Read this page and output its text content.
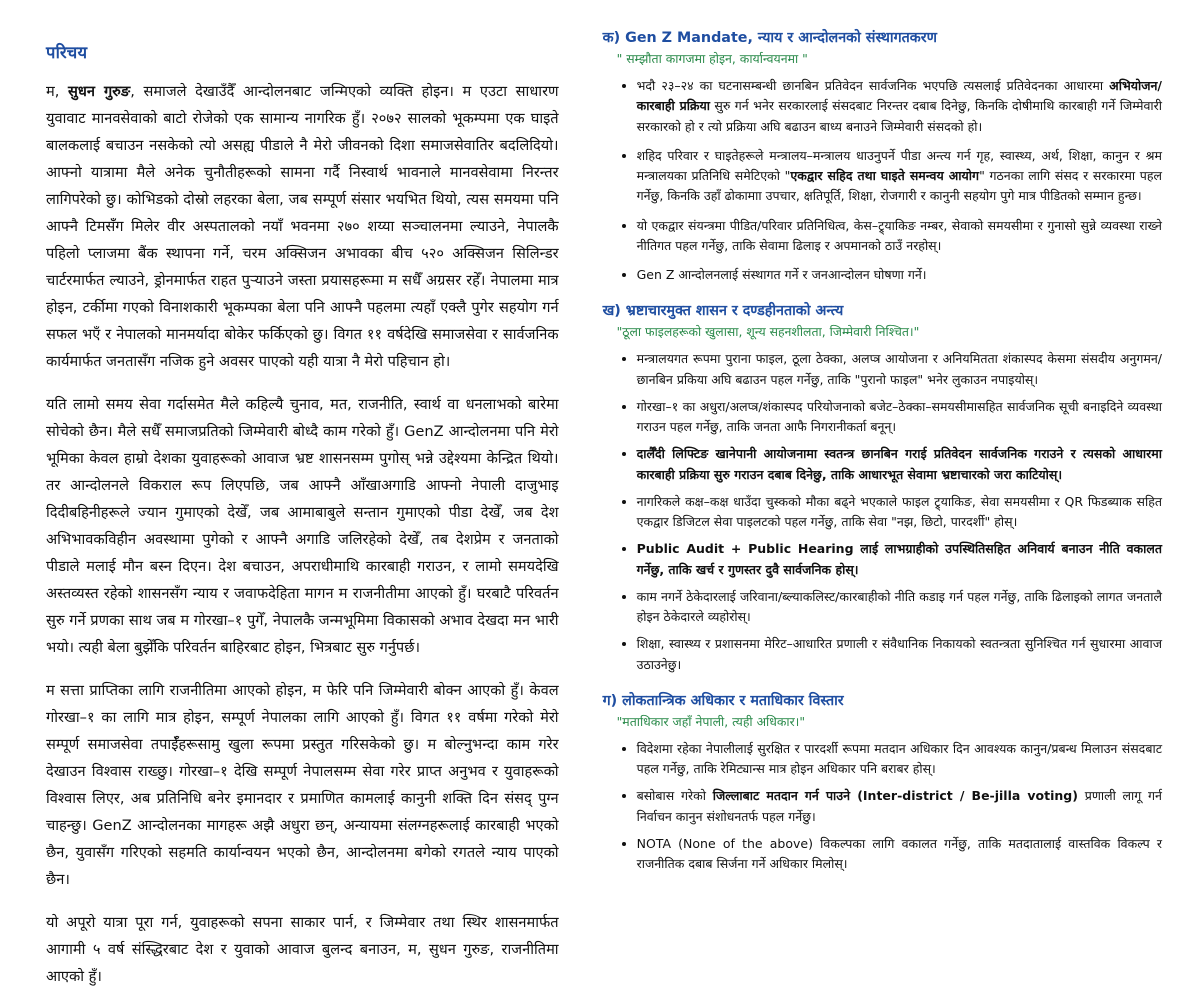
परिचय

म, सुधन गुरुङ, समाजले देखाउँदैँ आन्दोलनबाट जन्मिएको व्यक्ति होइन। म एउटा साधारण युवावाट मानवसेवाको बाटो रोजेको एक सामान्य नागरिक हुँ। २०७२ सालको भूकम्पमा एक घाइते बालकलाई बचाउन नसकेको त्यो असह्य पीडाले नै मेरो जीवनको दिशा समाजसेवातिर बदलिदियो।आफ्नो यात्रामा मैले अनेक चुनौतीहरूको सामना गर्दै निस्वार्थ भावनाले मानवसेवामा निरन्तर लागिपरेको छु। कोभिडको दोस्रो लहरका बेला, जब सम्पूर्ण संसार भयभित थियो, त्यस समयमा पनि आफ्नै टिमसँँग मिलेर वीर अस्पतालको नयाँ भवनमा २७० शय्या सञ्चालनमा ल्याउने, नेपालकै पहिलो प्लाजमा बैंक स्थापना गर्ने, चरम अक्सिजन अभावका बीच ५२० अक्सिजन सिलिन्डर चार्टरमार्फत ल्याउने, ड्रोनमार्फत राहत पुर्‍याउने जस्ता प्रयासहरूमा म सधैँ अग्रसर रहेँ। नेपालमा मात्र होइन, टर्कीमा गएको विनाशकारी भूकम्पका बेला पनि आफ्नै पहलमा त्यहाँ एक्लै पुगेर सहयोग गर्न सफल भएँ र नेपालको मानमर्यादा बोकेर फर्किएको छु। विगत ११ वर्षदेखि समाजसेवा र सार्वजनिक कार्यमार्फत जनतासँग नजिक हुने अवसर पाएको यही यात्रा नै मेरो पहिचान हो।

यति लामो समय सेवा गर्दासमेत मैले कहिल्यै चुनाव, मत, राजनीति, स्वार्थ वा धनलाभको बारेमा सोचेको छैन। मैले सधैँ समाजप्रतिको जिम्मेवारी बोध्दै काम गरेको हुँ। GenZ आन्दोलनमा पनि मेरो भूमिका केवल हाम्रो देशका युवाहरूको आवाज भ्रष्ट शासनसम्म पुगोस् भन्ने उद्देश्यमा केन्द्रित थियो। तर आन्दोलनले विकराल रूप लिएपछि, जब आफ्नै आँखाअगाडि आफ्नो नेपाली दाजुभाइ दिदीबहिनीहरूले ज्यान गुमाएको देखेँ, जब आमाबाबुले सन्तान गुमाएको पीडा देखेँ, जब देश अभिभावकविहीन अवस्थामा पुगेको र आफ्नै अगाडि जलिरहेको देखेँ, तब देशप्रेम र जनताको पीडाले मलाई मौन बस्न दिएन। देश बचाउन, अपराधीमाथि कारबाही गराउन, र लामो समयदेखि अस्तव्यस्त रहेको शासनसँग न्याय र जवाफदेहिता मागन म राजनीतीमा आएको हुँ। घरबाटै परिवर्तन सुरु गर्ने प्रणका साथ जब म गोरखा–१ पुगेँ, नेपालकै जन्मभूमिमा विकासको अभाव देखदा मन भारी भयो। त्यही बेला बुझेँकि परिवर्तन बाहिरबाट होइन, भित्रबाट सुरु गर्नुपर्छ।

म सत्ता प्राप्तिका लागि राजनीतिमा आएको होइन, म फेरि पनि जिम्मेवारी बोक्न आएको हुँ। केवल गोरखा–१ का लागि मात्र होइन, सम्पूर्ण नेपालका लागि आएको हुँ। विगत ११ वर्षमा गरेको मेरो सम्पूर्ण समाजसेवा तपाईँहरूसामु खुला रूपमा प्रस्तुत गरिसकेको छु। म बोल्नुभन्दा काम गरेर देखाउन विश्वास राख्छु। गोरखा–१ देखि सम्पूर्ण नेपालसम्म सेवा गरेर प्राप्त अनुभव र युवाहरूको विश्वास लिएर, अब प्रतिनिधि बनेर इमानदार र प्रमाणित कामलाई कानुनी शक्ति दिन संसद् पुग्न चाहन्छु। GenZ आन्दोलनका मागहरू अझै अधुरा छन्, अन्यायमा संलग्नहरूलाई कारबाही भएको छैन, युवासँग गरिएको सहमति कार्यान्वयन भएको छैन, आन्दोलनमा बगेको रगतले न्याय पाएको छैन।

यो अपूरो यात्रा पूरा गर्न, युवाहरूको सपना साकार पार्न, र जिम्मेवार तथा स्थिर शासनमार्फत आगामी ५ वर्ष संस्द्धिरबाट देश र युवाको आवाज बुलन्द बनाउन, म, सुधन गुरुङ, राजनीतिमा आएको हुँ।

क) Gen Z Mandate, न्याय र आन्दोलनको संस्थागतकरण
" सम्झौता कागजमा होइन, कार्यान्वयनमा "
• भदौ २३–२४ का घटनासम्बन्धी छानबिन प्रतिवेदन सार्वजनिक भएपछि त्यसलाई प्रतिवेदनका आधारमा अभियोजन/कारबाही प्रक्रिया सुरु गर्न भनेर सरकारलाई संसदबाट निरन्तर दबाब दिनेछु, किनकि दोषीमाथि कारबाही गर्ने जिम्मेवारी सरकारको हो र त्यो प्रक्रिया अघि बढाउन बाध्य बनाउने जिम्मेवारी संसदको हो।
• शहिद परिवार र घाइतेहरूले मन्त्रालय–मन्त्रालय धाउनुपर्ने पीडा अन्त्य गर्न गृह, स्वास्थ्य, अर्थ, शिक्षा, कानुन र श्रम मन्त्रालयका प्रतिनिधि समेटिएको "एकद्वार सहिद तथा घाइते समन्वय आयोग" गठनका लागि संसद र सरकारमा पहल गर्नेछु, किनकि उहाँ ढोकामाा उपचार, क्षतिपूर्ति, शिक्षा, रोजगारी र कानुनी सहयोग पुगे मात्र पीडितको सम्मान हुन्छ।
• यो एकद्वार संयन्त्रमा पीडित/परिवार प्रतिनिधित्व, केस–ट्र्याकिङ नम्बर, सेवाको समयसीमा र गुनासो सुन्ने व्यवस्था राख्ने नीतिगत पहल गर्नेछु, ताकि सेवामा ढिलाइ र अपमानको ठाउँ नरहोस्।
• Gen Z आन्दोलनलाई संस्थागत गर्ने र जनआन्दोलन घोषणा गर्ने।
ख) भ्रष्टाचारमुक्त शासन र दण्डहीनताको अन्त्य
"ठूला फाइलहरूको खुलासा, शून्य सहनशीलता, जिम्मेवारी निश्चित।"
• मन्त्रालयगत रूपमा पुराना फाइल, ठूला ठेक्का, अलप्त्र आयोजना र अनियमितता शंकास्पद केसमा संसदीय अनुगमन/छानबिन प्रकिया अघि बढाउन पहल गर्नेछु, ताकि "पुरानो फाइल" भनेर लुकाउन नपाइयोस्।
• गोरखा–१ का अधुरा/अलप्त्र/शंकास्पद परियोजनाको बजेट–ठेक्का–समयसीमासहित सार्वजनिक सूची बनाइदिने व्यवस्था गराउन पहल गर्नेछु, ताकि जनता आफै निगरानीकर्ता बनून्।
• दार्लैँदी लिफ्टिङ खानेपानी आयोजनामा स्वतन्त्र छानबिन गराई प्रतिवेदन सार्वजनिक गराउने र त्यसको आधारमा कारबाही प्रक्रिया सुरु गराउन दबाब दिनेछु, ताकि आधारभूत सेवामा भ्रष्टाचारको जरा काटियोस्।
• नागरिकले कक्ष–कक्ष धाउँदा चुस्कको मौका बढ्ने भएकाले फाइल ट्र्याकिङ, सेवा समयसीमा र QR फिडब्याक सहित एकद्वार डिजिटल सेवा पाइलटको पहल गर्नेछु, ताकि सेवा "नझ, छिटो, पारदर्शी" होस्।
• Public Audit + Public Hearing लाई लाभग्राहीको उपस्थितिसहित अनिवार्य बनाउन नीति वकालत गर्नेछु, ताकि खर्च र गुणस्तर दुवै सार्वजनिक होस्।
• काम नगर्ने ठेकेदारलाई जरिवाना/ब्ल्याकलिस्ट/कारबाहीको नीति कडाइ गर्न पहल गर्नेछु, ताकि ढिलाइको लागत जनतालै होइन ठेकेदारले व्यहोरोस्।
• शिक्षा, स्वास्थ्य र प्रशासनमा मेरिट–आधारित प्रणाली र संवैधानिक निकायको स्वतन्त्रता सुनिश्चित गर्न सुधारमा आवाज उठाउनेछु।
ग) लोकतान्त्रिक अधिकार र मताधिकार विस्तार
"मताधिकार जहाँ नेपाली, त्यही अधिकार।"
• विदेशमा रहेका नेपालीलाई सुरक्षित र पारदर्शी रूपमा मतदान अधिकार दिन आवश्यक कानुन/प्रबन्ध मिलाउन संसदबाट पहल गर्नेछु, ताकि रेमिट्यान्स मात्र होइन अधिकार पनि बराबर होस्।
• बसोबास गरेको जिल्लाबाट मतदान गर्न पाउने (Inter-district / Be-jilla voting) प्रणाली लागू गर्न निर्वाचन कानुन संशोधनतर्फ पहल गर्नेछु।
• NOTA (None of the above) विकल्पका लागि वकालत गर्नेछु, ताकि मतदातालाई वास्तविक विकल्प र राजनीतिक दबाब सिर्जना गर्ने अधिकार मिलोस्।
